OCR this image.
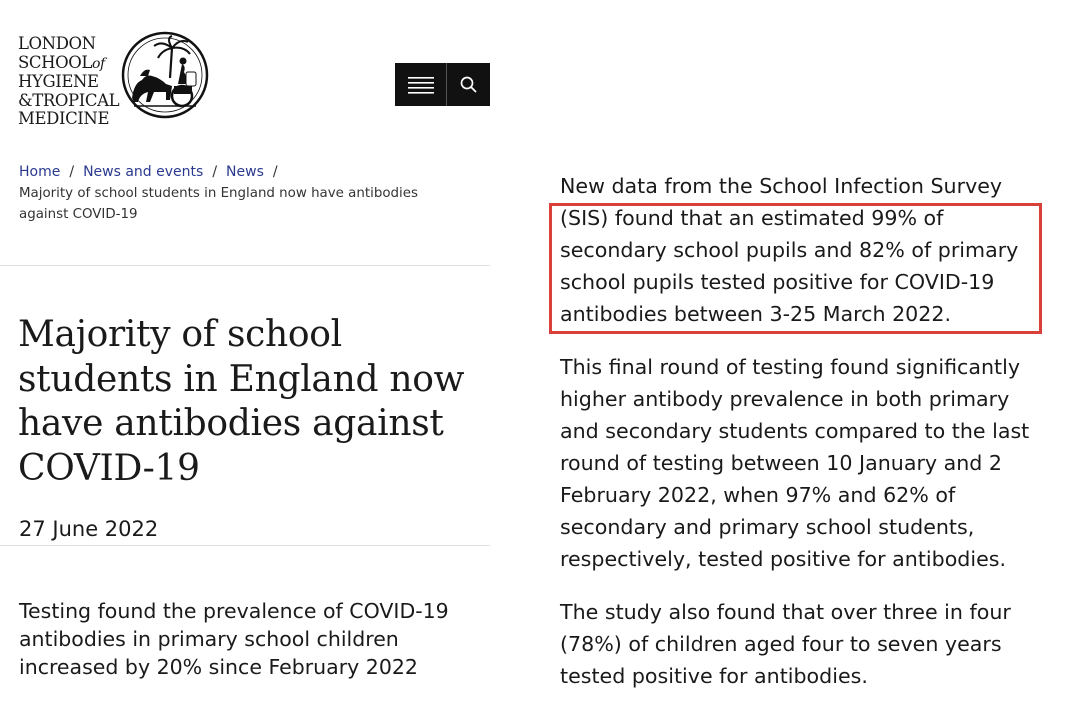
LONDON
SCHOOLof
HYGIENE
&TROPICAL
MEDICINE
Home / News and events / News /
Majority of school students in England now have antibodies against COVID-19
Majority of school students in England now have antibodies against COVID-19
27 June 2022
Testing found the prevalence of COVID-19 antibodies in primary school children increased by 20% since February 2022
New data from the School Infection Survey (SIS) found that an estimated 99% of secondary school pupils and 82% of primary school pupils tested positive for COVID-19 antibodies between 3-25 March 2022.
This final round of testing found significantly higher antibody prevalence in both primary and secondary students compared to the last round of testing between 10 January and 2 February 2022, when 97% and 62% of secondary and primary school students, respectively, tested positive for antibodies.
The study also found that over three in four (78%) of children aged four to seven years tested positive for antibodies.
